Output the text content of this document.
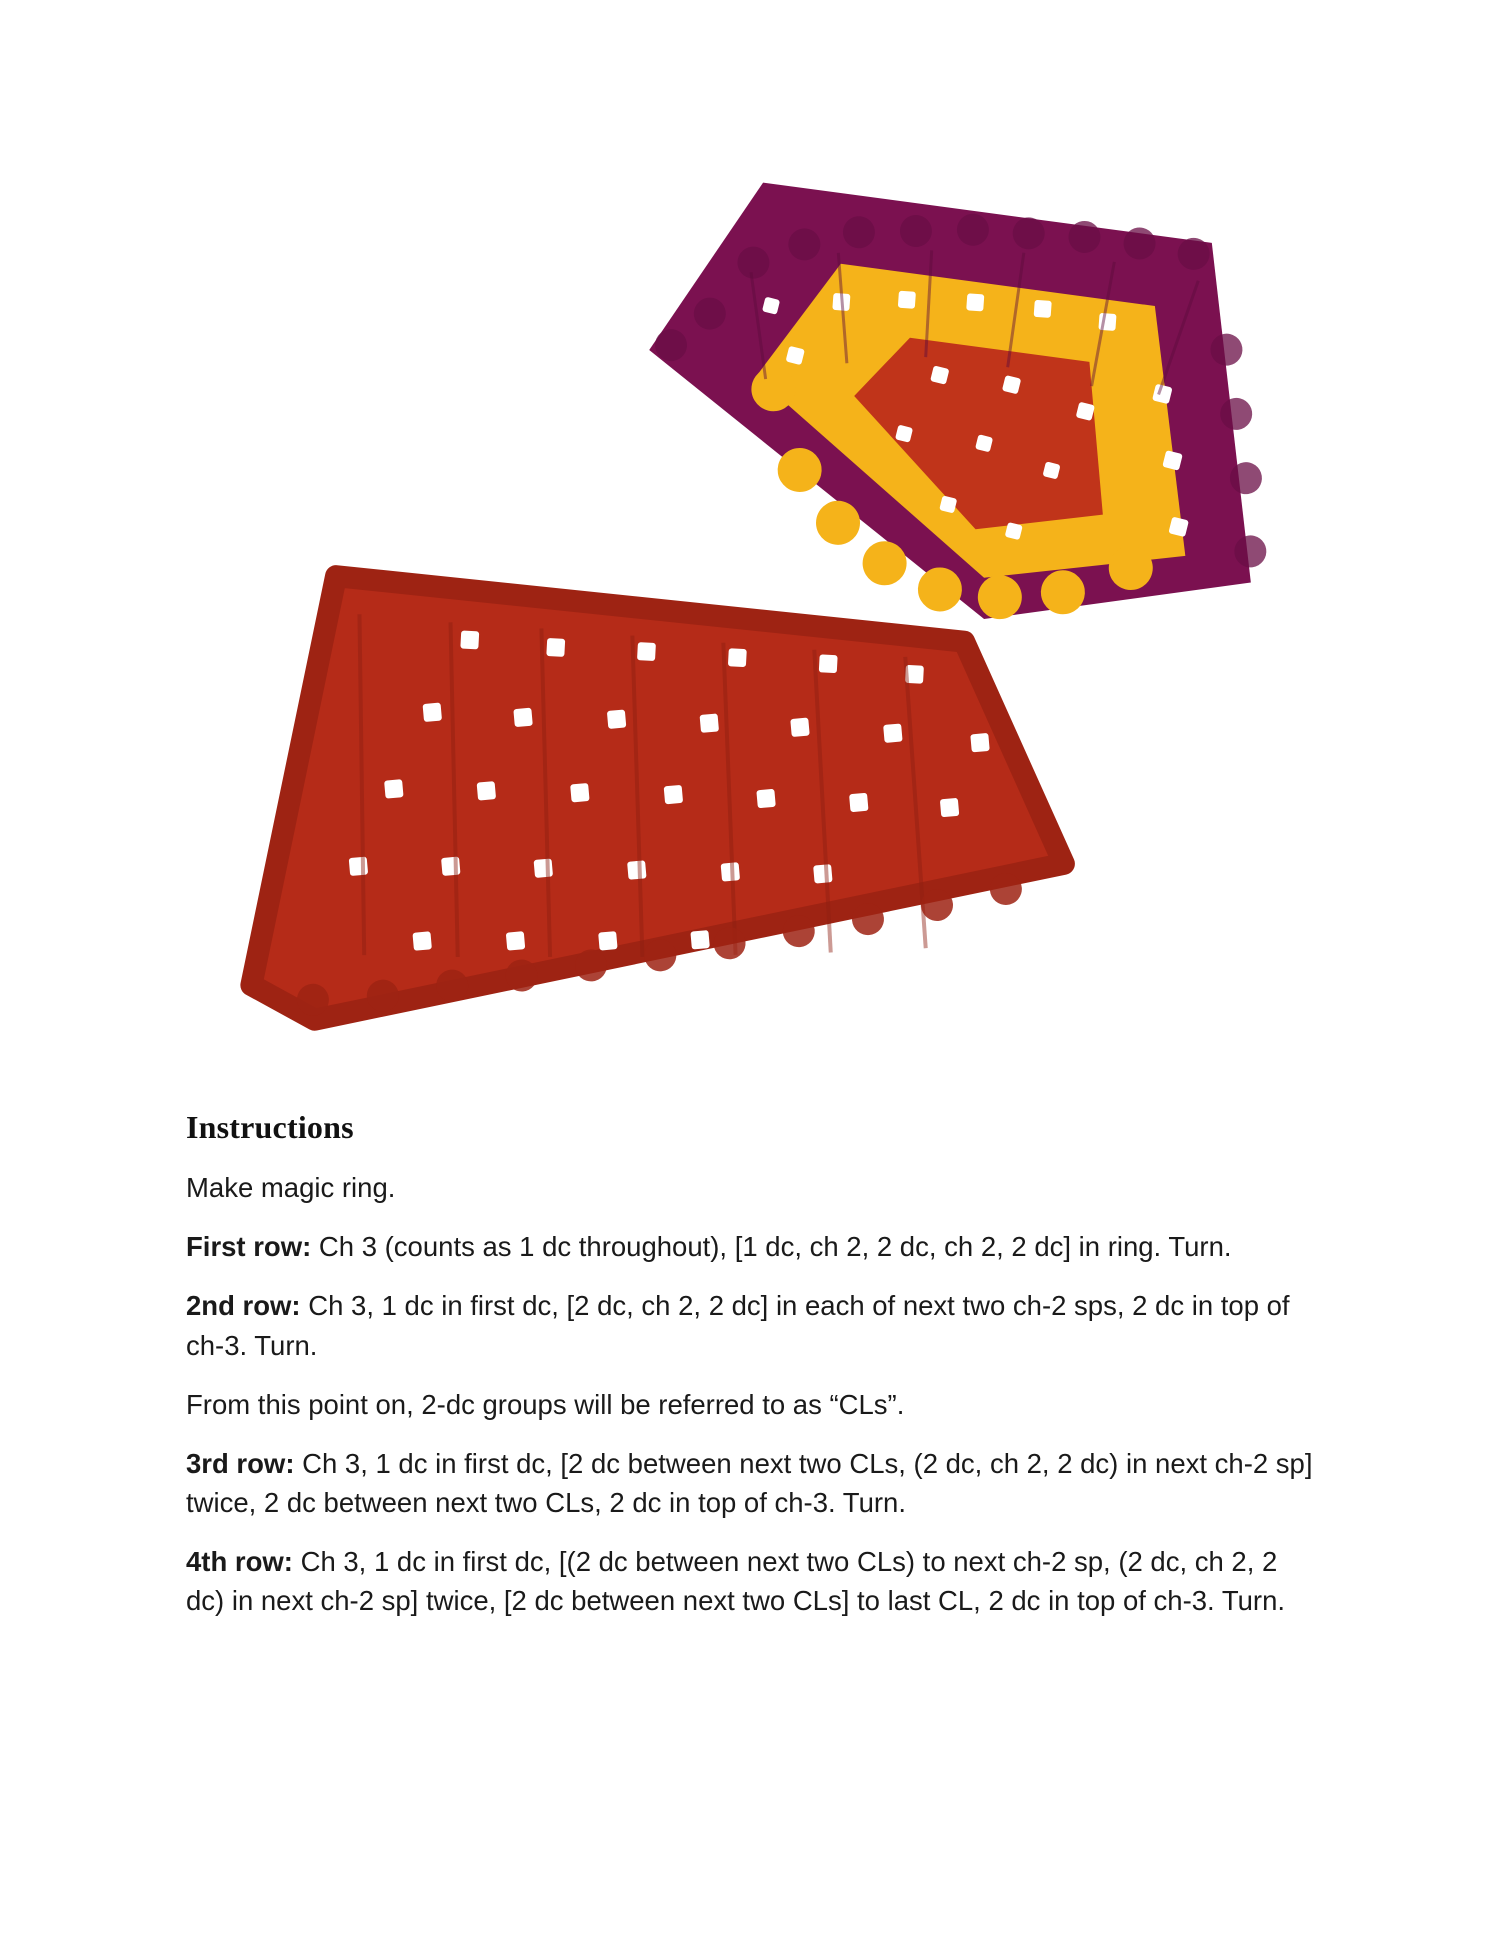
Instructions

Make magic ring.

First row: Ch 3 (counts as 1 dc throughout), [1 dc, ch 2, 2 dc, ch 2, 2 dc] in ring. Turn.

2nd row: Ch 3, 1 dc in first dc, [2 dc, ch 2, 2 dc] in each of next two ch-2 sps, 2 dc in top of ch-3. Turn.

From this point on, 2-dc groups will be referred to as “CLs”.

3rd row: Ch 3, 1 dc in first dc, [2 dc between next two CLs, (2 dc, ch 2, 2 dc) in next ch-2 sp] twice, 2 dc between next two CLs, 2 dc in top of ch-3. Turn.

4th row: Ch 3, 1 dc in first dc, [(2 dc between next two CLs) to next ch-2 sp, (2 dc, ch 2, 2 dc) in next ch-2 sp] twice, [2 dc between next two CLs] to last CL, 2 dc in top of ch-3. Turn.
